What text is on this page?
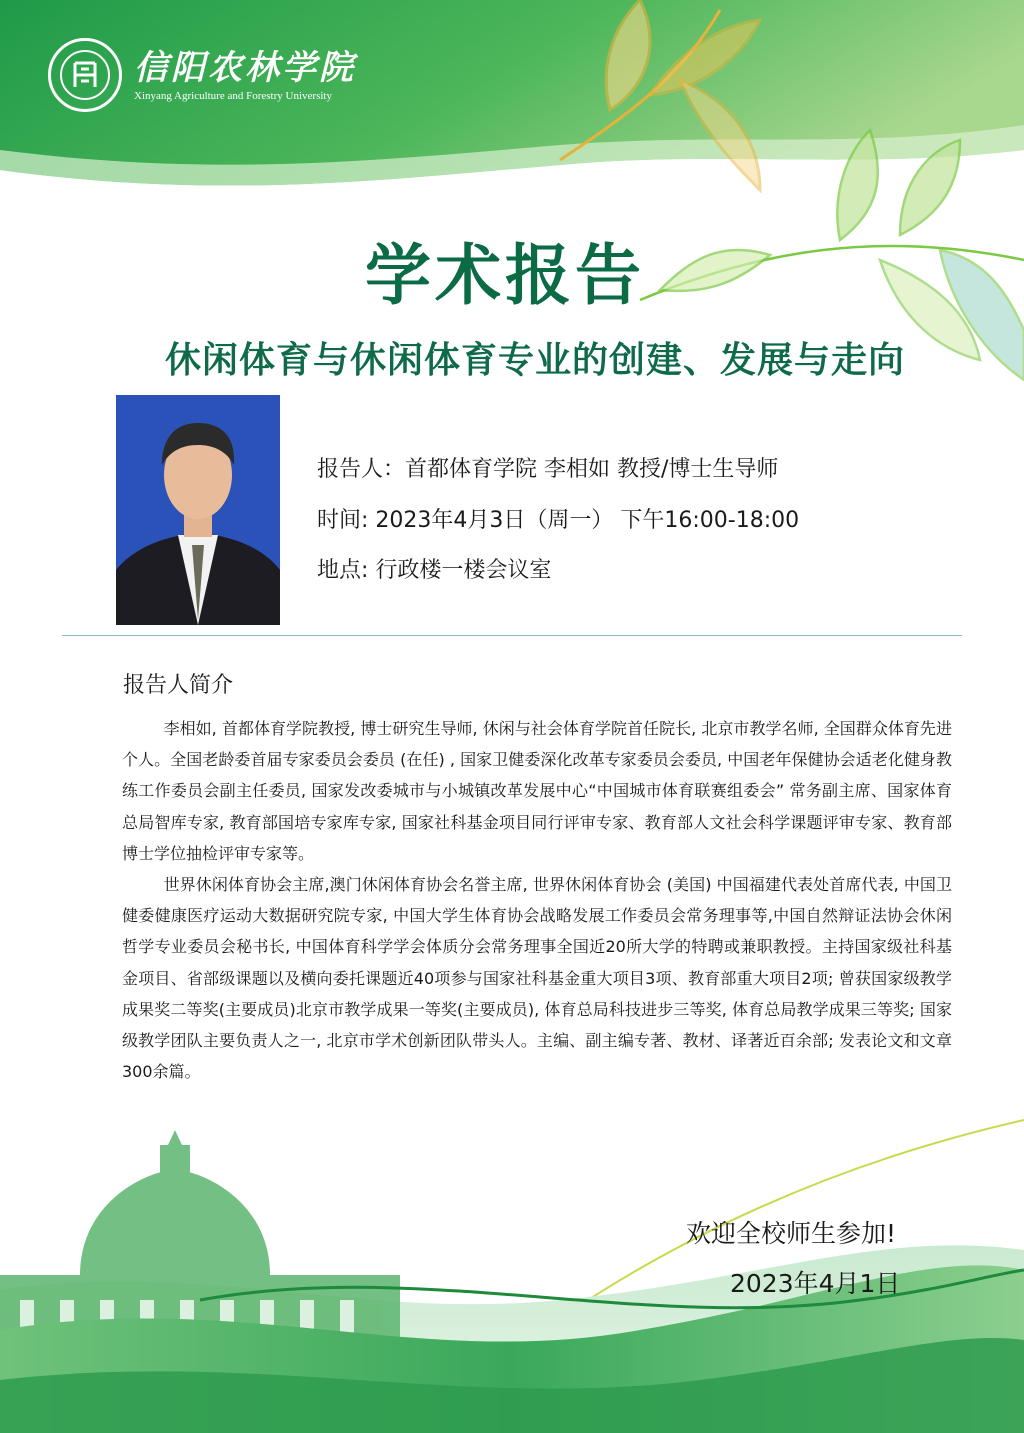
信阳农林学院
Xinyang Agriculture and Forestry University
学术报告
休闲体育与休闲体育专业的创建、发展与走向
报告人：首都体育学院 李相如 教授/博士生导师
时间: 2023年4月3日（周一） 下午16:00-18:00
地点: 行政楼一楼会议室
报告人简介

李相如, 首都体育学院教授, 博士研究生导师, 休闲与社会体育学院首任院长, 北京市教学名师, 全国群众体育先进个人。全国老龄委首届专家委员会委员 (在任) , 国家卫健委深化改革专家委员会委员, 中国老年保健协会适老化健身教练工作委员会副主任委员, 国家发改委城市与小城镇改革发展中心“中国城市体育联赛组委会” 常务副主席、国家体育总局智库专家, 教育部国培专家库专家, 国家社科基金项目同行评审专家、教育部人文社会科学课题评审专家、教育部博士学位抽检评审专家等。

世界休闲体育协会主席,澳门休闲体育协会名誉主席, 世界休闲体育协会 (美国) 中国福建代表处首席代表, 中国卫健委健康医疗运动大数据研究院专家, 中国大学生体育协会战略发展工作委员会常务理事等,中国自然辩证法协会休闲哲学专业委员会秘书长, 中国体育科学学会体质分会常务理事全国近20所大学的特聘或兼职教授。主持国家级社科基金项目、省部级课题以及横向委托课题近40项参与国家社科基金重大项目3项、教育部重大项目2项; 曾获国家级教学成果奖二等奖(主要成员)北京市教学成果一等奖(主要成员), 体育总局科技进步三等奖, 体育总局教学成果三等奖; 国家级教学团队主要负责人之一, 北京市学术创新团队带头人。主编、副主编专著、教材、译著近百余部; 发表论文和文章300余篇。

欢迎全校师生参加!
2023年4月1日
